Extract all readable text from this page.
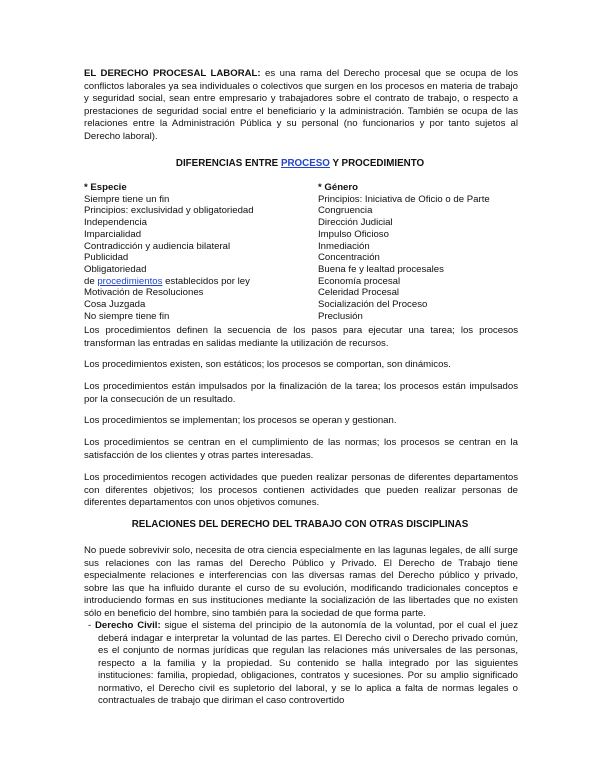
EL DERECHO PROCESAL LABORAL: es una rama del Derecho procesal que se ocupa de los conflictos laborales ya sea individuales o colectivos que surgen en los procesos en materia de trabajo y seguridad social, sean entre empresario y trabajadores sobre el contrato de trabajo, o respecto a prestaciones de seguridad social entre el beneficiario y la administración. También se ocupa de las relaciones entre la Administración Pública y su personal (no funcionarios y por tanto sujetos al Derecho laboral).

DIFERENCIAS ENTRE PROCESO Y PROCEDIMIENTO

* Especie
Siempre tiene un fin
Principios: exclusividad y obligatoriedad
Independencia
Imparcialidad
Contradicción y audiencia bilateral
Publicidad
Obligatoriedad
de procedimientos establecidos por ley
Motivación de Resoluciones
Cosa Juzgada
No siempre tiene fin
* Género
Principios: Iniciativa de Oficio o de Parte
Congruencia
Dirección Judicial
Impulso Oficioso
Inmediación
Concentración
Buena fe y lealtad procesales
Economía procesal
Celeridad Procesal
Socialización del Proceso
Preclusión

Los procedimientos definen la secuencia de los pasos para ejecutar una tarea; los procesos transforman las entradas en salidas mediante la utilización de recursos.

Los procedimientos existen, son estáticos; los procesos se comportan, son dinámicos.

Los procedimientos están impulsados por la finalización de la tarea; los procesos están impulsados por la consecución de un resultado.

Los procedimientos se implementan; los procesos se operan y gestionan.

Los procedimientos se centran en el cumplimiento de las normas; los procesos se centran en la satisfacción de los clientes y otras partes interesadas.

Los procedimientos recogen actividades que pueden realizar personas de diferentes departamentos con diferentes objetivos; los procesos contienen actividades que pueden realizar personas de diferentes departamentos con unos objetivos comunes.

RELACIONES DEL DERECHO DEL TRABAJO CON OTRAS DISCIPLINAS

No puede sobrevivir solo, necesita de otra ciencia especialmente en las lagunas legales, de allí surge sus relaciones con las ramas del Derecho Público y Privado. El Derecho de Trabajo tiene especialmente relaciones e interferencias con las diversas ramas del Derecho público y privado, sobre las que ha influido durante el curso de su evolución, modificando tradicionales conceptos e introduciendo formas en sus instituciones mediante la socialización de las libertades que no existen sólo en beneficio del hombre, sino también para la sociedad de que forma parte.

- Derecho Civil: sigue el sistema del principio de la autonomía de la voluntad, por el cual el juez deberá indagar e interpretar la voluntad de las partes. El Derecho civil o Derecho privado común, es el conjunto de normas jurídicas que regulan las relaciones más universales de las personas, respecto a la familia y la propiedad. Su contenido se halla integrado por las siguientes instituciones: familia, propiedad, obligaciones, contratos y sucesiones. Por su amplio significado normativo, el Derecho civil es supletorio del laboral, y se lo aplica a falta de normas legales o contractuales de trabajo que diriman el caso controvertido
